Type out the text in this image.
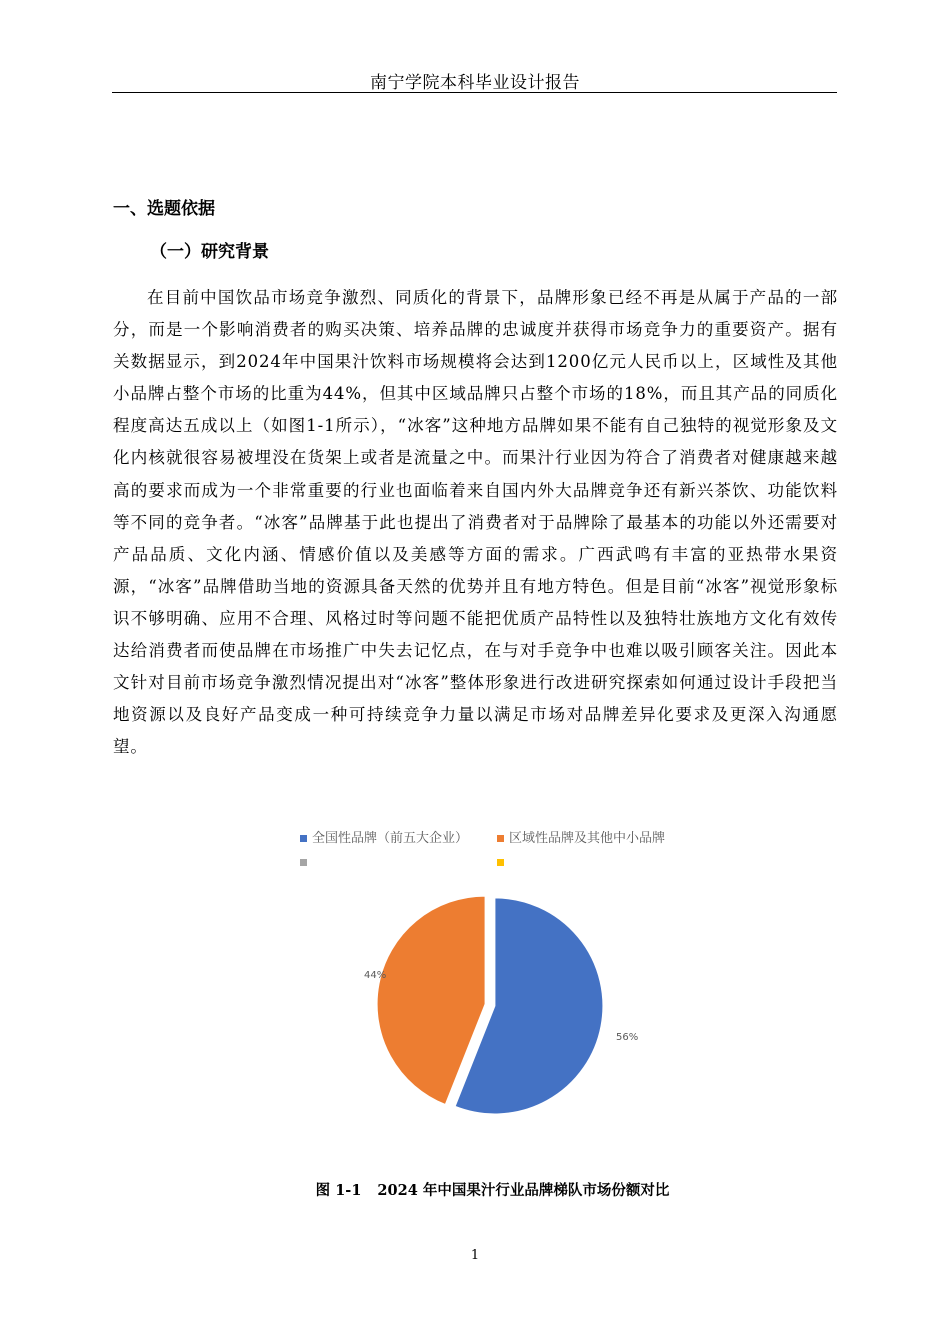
南宁学院本科毕业设计报告
一、选题依据
（一）研究背景

在目前中国饮品市场竞争激烈、同质化的背景下，品牌形象已经不再是从属于产品的一部分，而是一个影响消费者的购买决策、培养品牌的忠诚度并获得市场竞争力的重要资产。据有关数据显示，到2024年中国果汁饮料市场规模将会达到1200亿元人民币以上，区域性及其他小品牌占整个市场的比重为44%，但其中区域品牌只占整个市场的18%，而且其产品的同质化程度高达五成以上（如图1-1所示），“冰客”这种地方品牌如果不能有自己独特的视觉形象及文化内核就很容易被埋没在货架上或者是流量之中。而果汁行业因为符合了消费者对健康越来越高的要求而成为一个非常重要的行业也面临着来自国内外大品牌竞争还有新兴茶饮、功能饮料等不同的竞争者。“冰客”品牌基于此也提出了消费者对于品牌除了最基本的功能以外还需要对产品品质、文化内涵、情感价值以及美感等方面的需求。广西武鸣有丰富的亚热带水果资源，“冰客”品牌借助当地的资源具备天然的优势并且有地方特色。但是目前“冰客”视觉形象标识不够明确、应用不合理、风格过时等问题不能把优质产品特性以及独特壮族地方文化有效传达给消费者而使品牌在市场推广中失去记忆点，在与对手竞争中也难以吸引顾客关注。因此本文针对目前市场竞争激烈情况提出对“冰客”整体形象进行改进研究探索如何通过设计手段把当地资源以及良好产品变成一种可持续竞争力量以满足市场对品牌差异化要求及更深入沟通愿望。

全国性品牌（前五大企业）	区域性品牌及其他中小品牌
56%
44%
图 1-1 2024 年中国果汁行业品牌梯队市场份额对比
1
